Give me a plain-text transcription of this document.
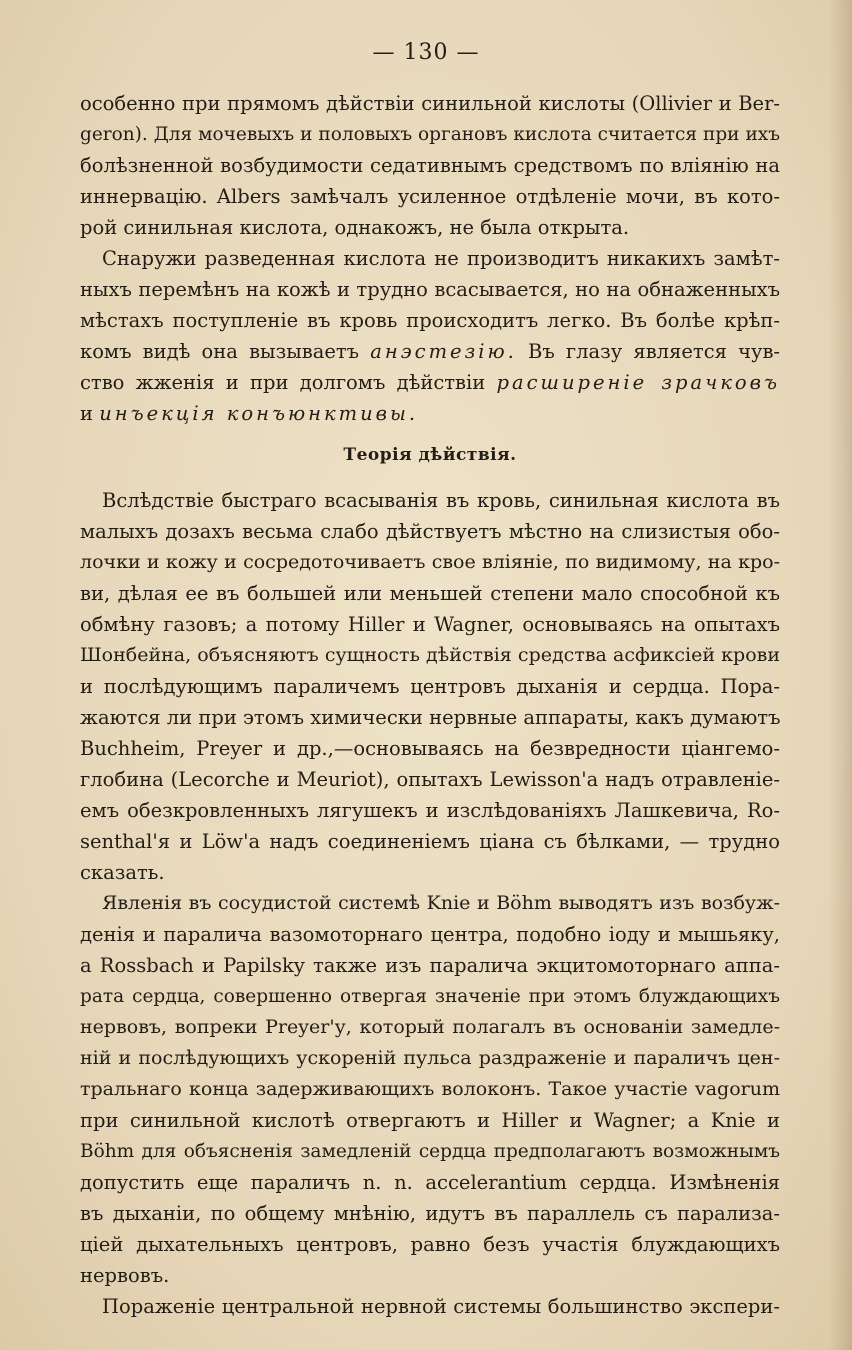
— 130 —
особенно при прямомъ дѣйствіи синильной кислоты (Ollivier и Ber-
geron). Для мочевыхъ и половыхъ органовъ кислота считается при ихъ
болѣзненной возбудимости седативнымъ средствомъ по вліянію на
иннервацію. Albers замѣчалъ усиленное отдѣленіе мочи, въ кото-
рой синильная кислота, однакожъ, не была открыта.
Снаружи разведенная кислота не производитъ никакихъ замѣт-
ныхъ перемѣнъ на кожѣ и трудно всасывается, но на обнаженныхъ
мѣстахъ поступленіе въ кровь происходитъ легко. Въ болѣе крѣп-
комъ видѣ она вызываетъ анэстезію. Въ глазу является чув-
ство жженія и при долгомъ дѣйствіи расширеніе зрачковъ
и инъекція конъюнктивы.
Теорія дѣйствія.
Вслѣдствіе быстраго всасыванія въ кровь, синильная кислота въ
малыхъ дозахъ весьма слабо дѣйствуетъ мѣстно на слизистыя обо-
лочки и кожу и сосредоточиваетъ свое вліяніе, по видимому, на кро-
ви, дѣлая ее въ большей или меньшей степени мало способной къ
обмѣну газовъ; а потому Hiller и Wagner, основываясь на опытахъ
Шонбейна, объясняютъ сущность дѣйствія средства асфиксіей крови
и послѣдующимъ параличемъ центровъ дыханія и сердца. Пора-
жаются ли при этомъ химически нервные аппараты, какъ думаютъ
Buchheim, Preyer и др.,—основываясь на безвредности ціангемо-
глобина (Lecorche и Meuriot), опытахъ Lewisson'a надъ отравленіе-
емъ обезкровленныхъ лягушекъ и изслѣдованіяхъ Лашкевича, Ro-
senthal'я и Löw'а надъ соединеніемъ ціана съ бѣлками, — трудно
сказать.
Явленія въ сосудистой системѣ Knie и Böhm выводятъ изъ возбуж-
денія и паралича вазомоторнаго центра, подобно іоду и мышьяку,
a Rossbach и Papilsky также изъ паралича экцитомоторнаго аппа-
рата сердца, совершенно отвергая значеніе при этомъ блуждающихъ
нервовъ, вопреки Preyer'у, который полагалъ въ основаніи замедле-
ній и послѣдующихъ ускореній пульса раздраженіе и параличъ цен-
тральнаго конца задерживающихъ волоконъ. Такое участіе vagorum
при синильной кислотѣ отвергаютъ и Hiller и Wagner; a Knie и
Böhm для объясненія замедленій сердца предполагаютъ возможнымъ
допустить еще параличъ n. n. accelerantium сердца. Измѣненія
въ дыханіи, по общему мнѣнію, идутъ въ параллель съ парализа-
ціей дыхательныхъ центровъ, равно безъ участія блуждающихъ
нервовъ.
Пораженіе центральной нервной системы большинство экспери-
